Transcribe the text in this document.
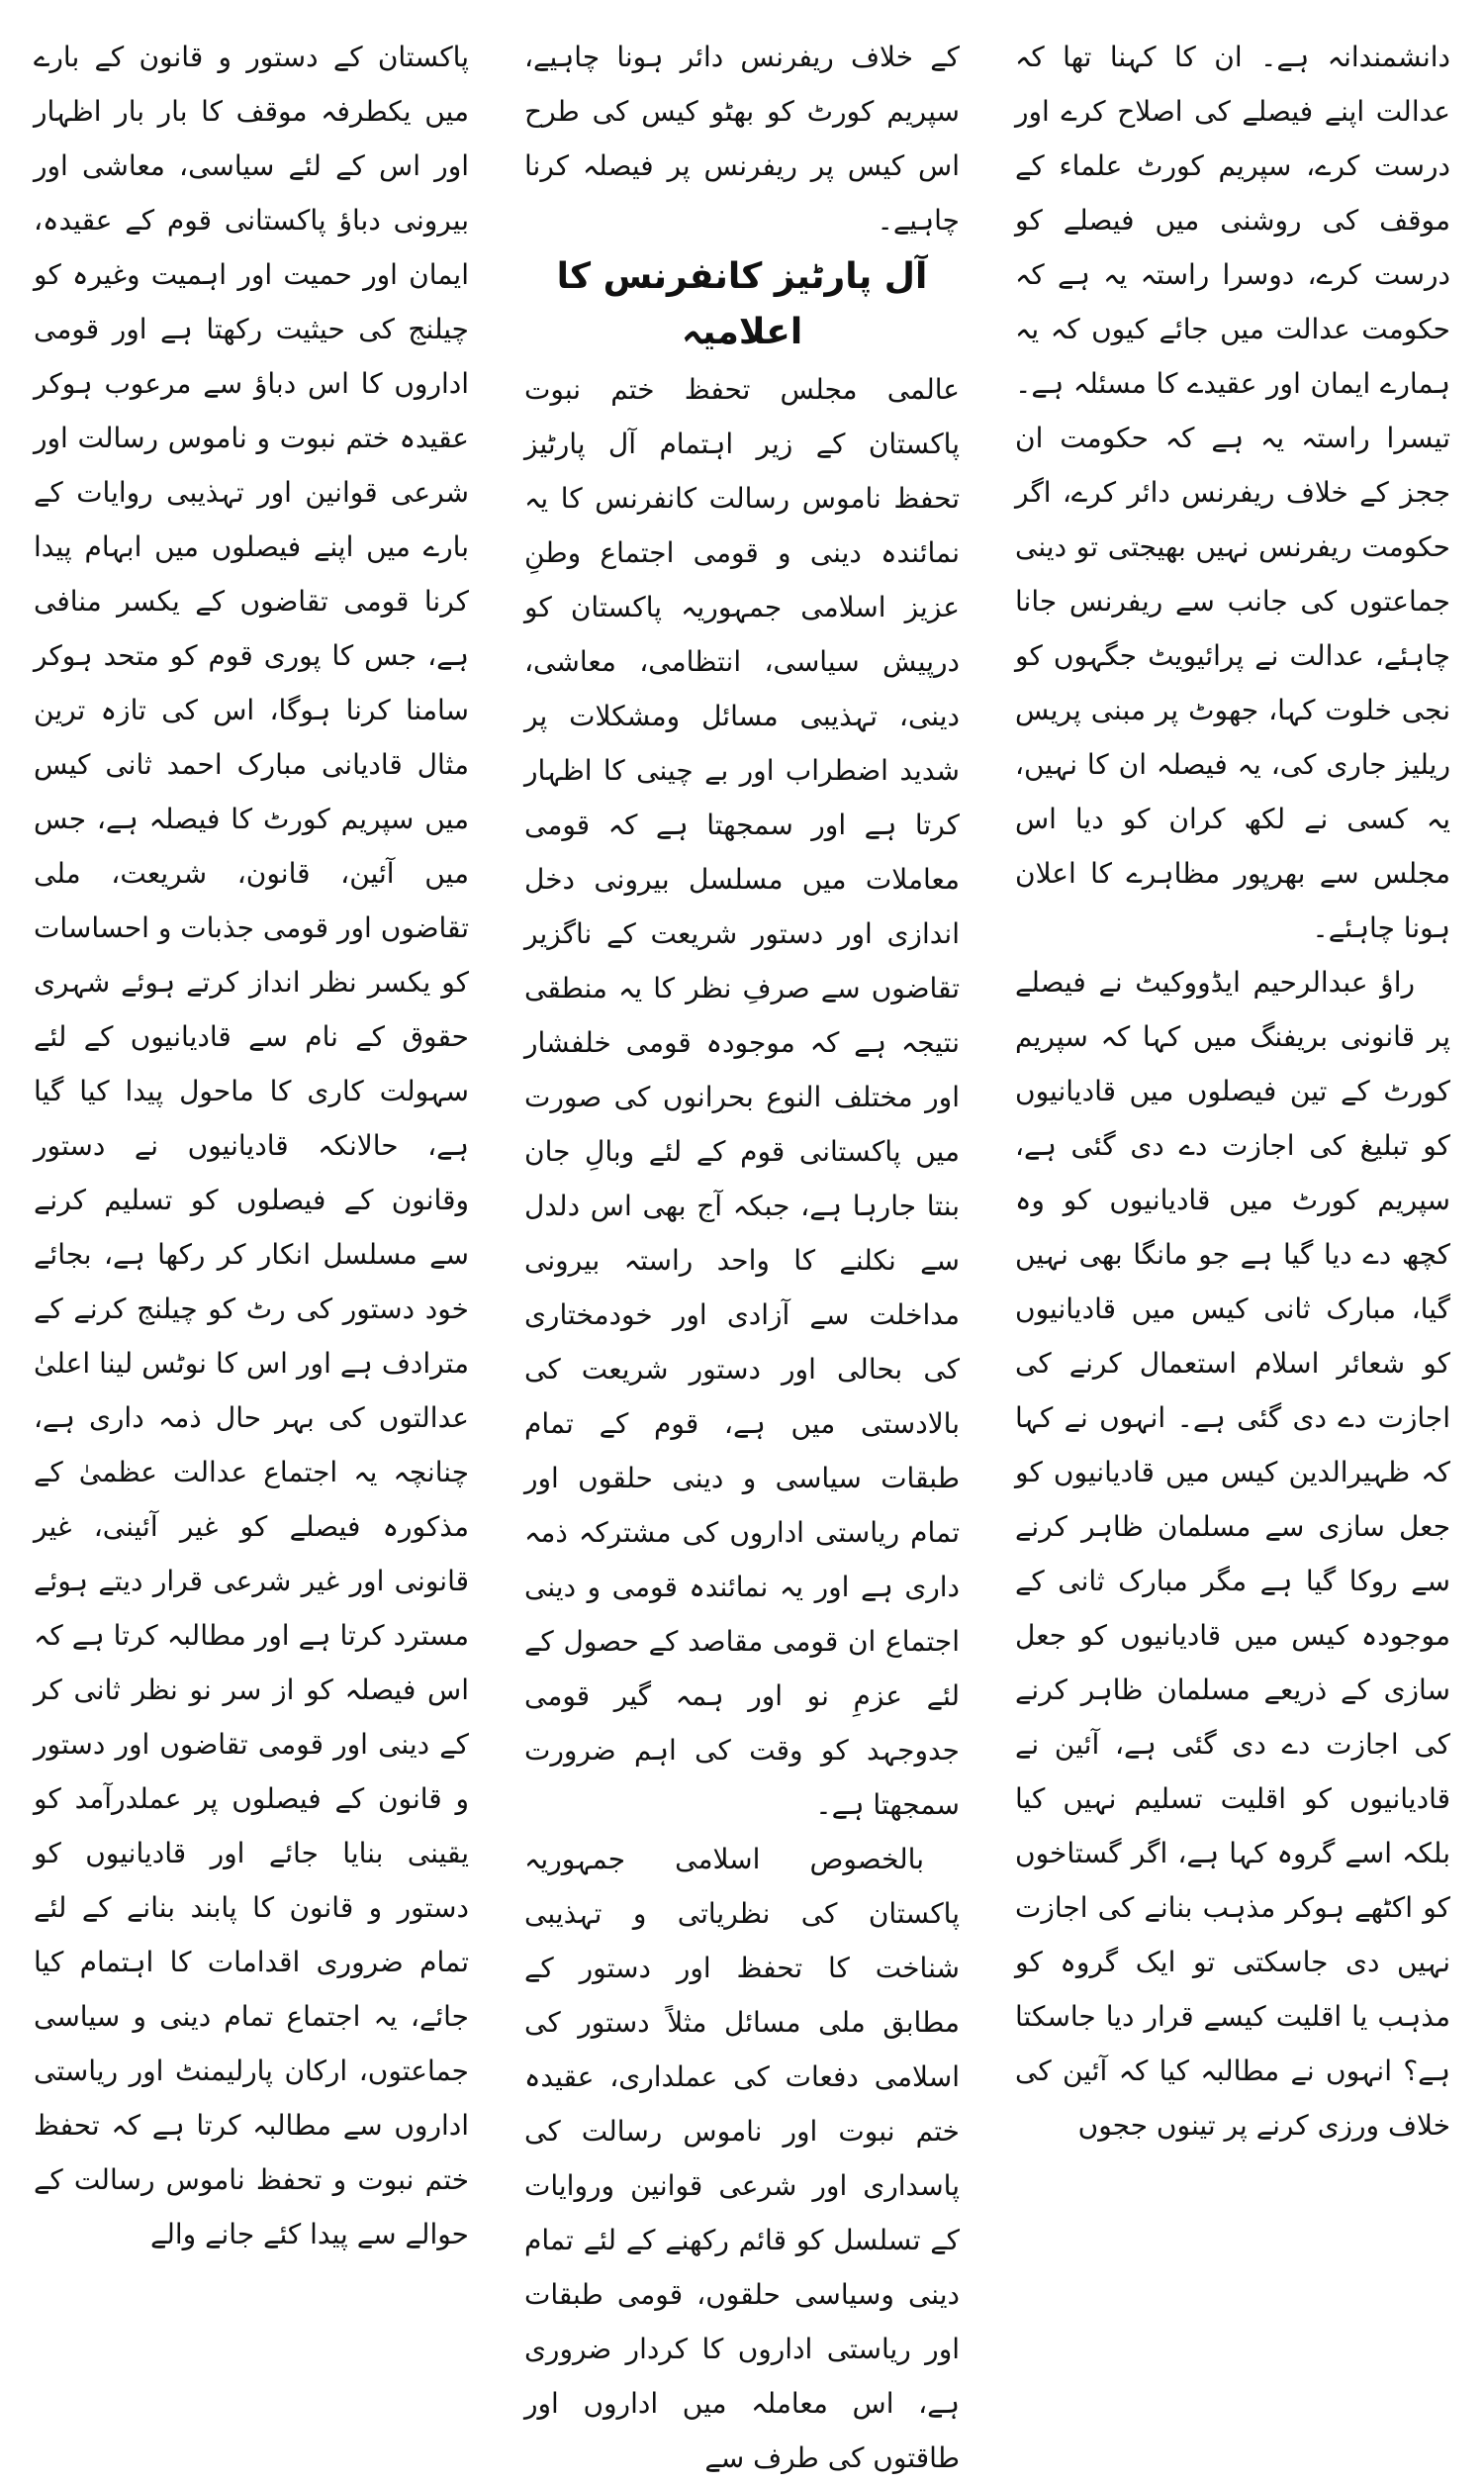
دانشمندانہ ہے۔ ان کا کہنا تھا کہ عدالت اپنے فیصلے کی اصلاح کرے اور درست کرے، سپریم کورٹ علماء کے موقف کی روشنی میں فیصلے کو درست کرے، دوسرا راستہ یہ ہے کہ حکومت عدالت میں جائے کیوں کہ یہ ہمارے ایمان اور عقیدے کا مسئلہ ہے۔ تیسرا راستہ یہ ہے کہ حکومت ان ججز کے خلاف ریفرنس دائر کرے، اگر حکومت ریفرنس نہیں بھیجتی تو دینی جماعتوں کی جانب سے ریفرنس جانا چاہئے، عدالت نے پرائیویٹ جگہوں کو نجی خلوت کہا، جھوٹ پر مبنی پریس ریلیز جاری کی، یہ فیصلہ ان کا نہیں، یہ کسی نے لکھ کران کو دیا اس مجلس سے بھرپور مظاہرے کا اعلان ہونا چاہئے۔

راؤ عبدالرحیم ایڈووکیٹ نے فیصلے پر قانونی بریفنگ میں کہا کہ سپریم کورٹ کے تین فیصلوں میں قادیانیوں کو تبلیغ کی اجازت دے دی گئی ہے، سپریم کورٹ میں قادیانیوں کو وہ کچھ دے دیا گیا ہے جو مانگا بھی نہیں گیا، مبارک ثانی کیس میں قادیانیوں کو شعائر اسلام استعمال کرنے کی اجازت دے دی گئی ہے۔ انہوں نے کہا کہ ظہیرالدین کیس میں قادیانیوں کو جعل سازی سے مسلمان ظاہر کرنے سے روکا گیا ہے مگر مبارک ثانی کے موجودہ کیس میں قادیانیوں کو جعل سازی کے ذریعے مسلمان ظاہر کرنے کی اجازت دے دی گئی ہے، آئین نے قادیانیوں کو اقلیت تسلیم نہیں کیا بلکہ اسے گروہ کہا ہے، اگر گستاخوں کو اکٹھے ہوکر مذہب بنانے کی اجازت نہیں دی جاسکتی تو ایک گروہ کو مذہب یا اقلیت کیسے قرار دیا جاسکتا ہے؟ انہوں نے مطالبہ کیا کہ آئین کی خلاف ورزی کرنے پر تینوں ججوں

کے خلاف ریفرنس دائر ہونا چاہیے، سپریم کورٹ کو بھٹو کیس کی طرح اس کیس پر ریفرنس پر فیصلہ کرنا چاہیے۔

آل پارٹیز کانفرنس کا اعلامیہ

عالمی مجلس تحفظ ختم نبوت پاکستان کے زیر اہتمام آل پارٹیز تحفظ ناموس رسالت کانفرنس کا یہ نمائندہ دینی و قومی اجتماع وطنِ عزیز اسلامی جمہوریہ پاکستان کو درپیش سیاسی، انتظامی، معاشی، دینی، تہذیبی مسائل ومشکلات پر شدید اضطراب اور بے چینی کا اظہار کرتا ہے اور سمجھتا ہے کہ قومی معاملات میں مسلسل بیرونی دخل اندازی اور دستور شریعت کے ناگزیر تقاضوں سے صرفِ نظر کا یہ منطقی نتیجہ ہے کہ موجودہ قومی خلفشار اور مختلف النوع بحرانوں کی صورت میں پاکستانی قوم کے لئے وبالِ جان بنتا جارہا ہے، جبکہ آج بھی اس دلدل سے نکلنے کا واحد راستہ بیرونی مداخلت سے آزادی اور خودمختاری کی بحالی اور دستور شریعت کی بالادستی میں ہے، قوم کے تمام طبقات سیاسی و دینی حلقوں اور تمام ریاستی اداروں کی مشترکہ ذمہ داری ہے اور یہ نمائندہ قومی و دینی اجتماع ان قومی مقاصد کے حصول کے لئے عزمِ نو اور ہمہ گیر قومی جدوجہد کو وقت کی اہم ضرورت سمجھتا ہے۔

بالخصوص اسلامی جمہوریہ پاکستان کی نظریاتی و تہذیبی شناخت کا تحفظ اور دستور کے مطابق ملی مسائل مثلاً دستور کی اسلامی دفعات کی عملداری، عقیدہ ختم نبوت اور ناموس رسالت کی پاسداری اور شرعی قوانین وروایات کے تسلسل کو قائم رکھنے کے لئے تمام دینی وسیاسی حلقوں، قومی طبقات اور ریاستی اداروں کا کردار ضروری ہے، اس معاملہ میں اداروں اور طاقتوں کی طرف سے

پاکستان کے دستور و قانون کے بارے میں یکطرفہ موقف کا بار بار اظہار اور اس کے لئے سیاسی، معاشی اور بیرونی دباؤ پاکستانی قوم کے عقیدہ، ایمان اور حمیت اور اہمیت وغیرہ کو چیلنج کی حیثیت رکھتا ہے اور قومی اداروں کا اس دباؤ سے مرعوب ہوکر عقیدہ ختم نبوت و ناموس رسالت اور شرعی قوانین اور تہذیبی روایات کے بارے میں اپنے فیصلوں میں ابہام پیدا کرنا قومی تقاضوں کے یکسر منافی ہے، جس کا پوری قوم کو متحد ہوکر سامنا کرنا ہوگا، اس کی تازہ ترین مثال قادیانی مبارک احمد ثانی کیس میں سپریم کورٹ کا فیصلہ ہے، جس میں آئین، قانون، شریعت، ملی تقاضوں اور قومی جذبات و احساسات کو یکسر نظر انداز کرتے ہوئے شہری حقوق کے نام سے قادیانیوں کے لئے سہولت کاری کا ماحول پیدا کیا گیا ہے، حالانکہ قادیانیوں نے دستور وقانون کے فیصلوں کو تسلیم کرنے سے مسلسل انکار کر رکھا ہے، بجائے خود دستور کی رٹ کو چیلنج کرنے کے مترادف ہے اور اس کا نوٹس لینا اعلیٰ عدالتوں کی بہر حال ذمہ داری ہے، چنانچہ یہ اجتماع عدالت عظمیٰ کے مذکورہ فیصلے کو غیر آئینی، غیر قانونی اور غیر شرعی قرار دیتے ہوئے مسترد کرتا ہے اور مطالبہ کرتا ہے کہ اس فیصلہ کو از سر نو نظر ثانی کر کے دینی اور قومی تقاضوں اور دستور و قانون کے فیصلوں پر عملدرآمد کو یقینی بنایا جائے اور قادیانیوں کو دستور و قانون کا پابند بنانے کے لئے تمام ضروری اقدامات کا اہتمام کیا جائے، یہ اجتماع تمام دینی و سیاسی جماعتوں، ارکان پارلیمنٹ اور ریاستی اداروں سے مطالبہ کرتا ہے کہ تحفظ ختم نبوت و تحفظ ناموس رسالت کے حوالے سے پیدا کئے جانے والے
